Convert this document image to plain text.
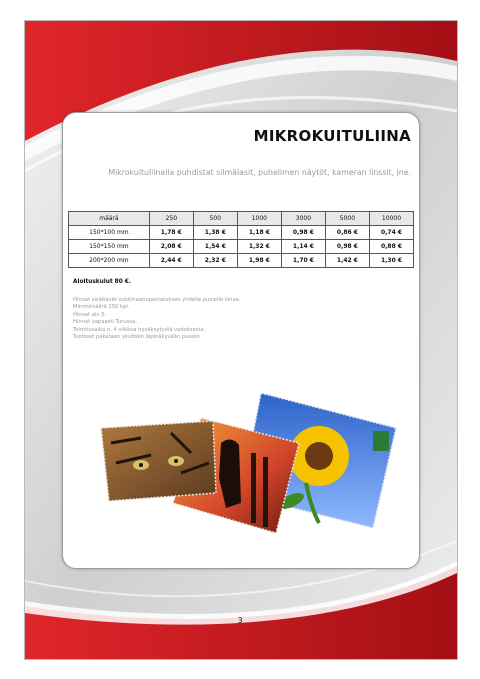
MIKROKUITULIINA

Mikrokuituliinalla puhdistat silmälasit, puhelimen näytöt, kameran linssit, jne.

määrä	250	500	1000	3000	5000	10000
150*100 mm	1,78 €	1,38 €	1,18 €	0,98 €	0,86 €	0,74 €
150*150 mm	2,08 €	1,54 €	1,32 €	1,14 €	0,98 €	0,88 €
200*200 mm	2,44 €	2,32 €	1,98 €	1,70 €	1,42 €	1,30 €

Aloituskulut 80 €.

Hinnat sisältävät sublimaatiopainatuksen yhdelle puolelle liinaa.
Minimimäärä 250 kpl.
Hinnat alv 0.
Hinnat vapaasti Turussa.
Toimitusaika n. 4 viikkoa hyväksytystä vedoksesta.
Tuotteet pakataan yksittäin läpinäkyvään pussiin.
3
